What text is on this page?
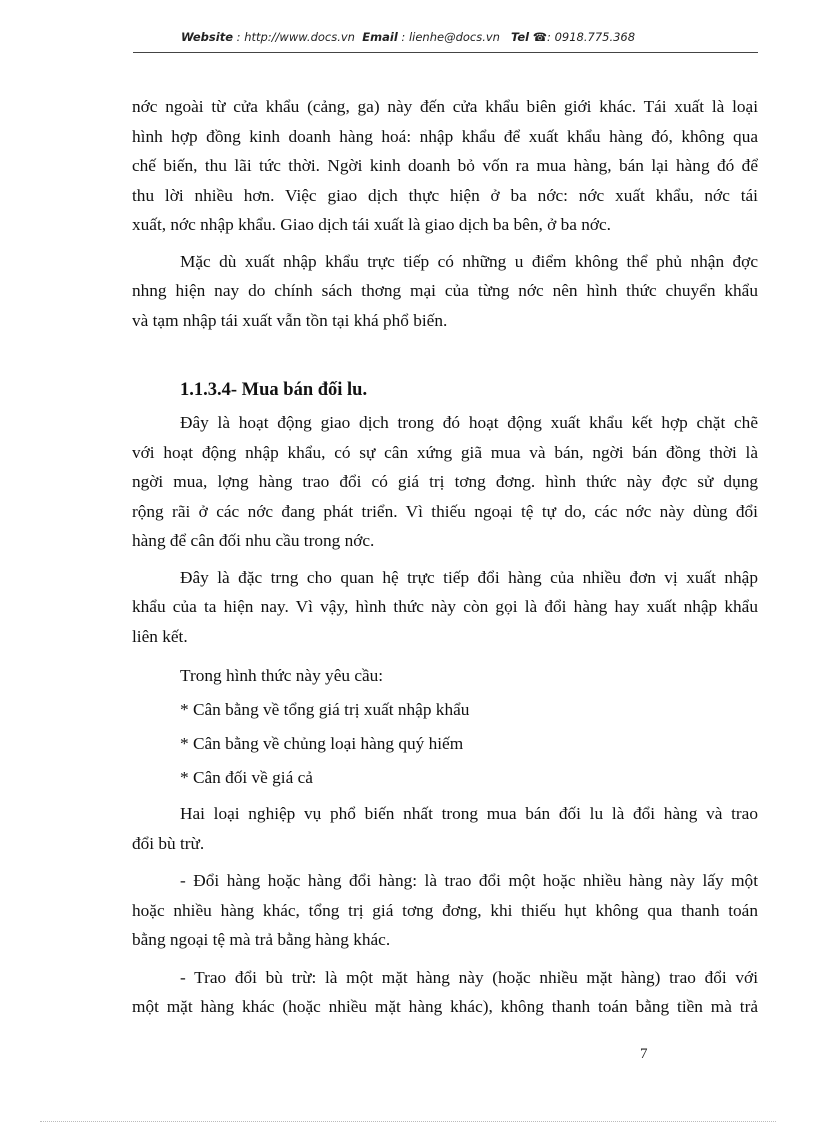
Website : http://www.docs.vn Email : lienhe@docs.vn Tel ☎: 0918.775.368

nớc ngoài từ cửa khẩu (cảng, ga) này đến cửa khẩu biên giới khác. Tái xuất là loại
hình hợp đồng kinh doanh hàng hoá: nhập khẩu để xuất khẩu hàng đó, không qua
chế biến, thu lãi tức thời. Ngời kinh doanh bỏ vốn ra mua hàng, bán lại hàng đó để
thu lời nhiều hơn. Việc giao dịch thực hiện ở ba nớc: nớc xuất khẩu, nớc tái
xuất, nớc nhập khẩu. Giao dịch tái xuất là giao dịch ba bên, ở ba nớc.

Mặc dù xuất nhập khẩu trực tiếp có những u điểm không thể phủ nhận đợc
nhng hiện nay do chính sách thơng mại của từng nớc nên hình thức chuyển khẩu
và tạm nhập tái xuất vẫn tồn tại khá phổ biến.

1.1.3.4- Mua bán đối lu.

Đây là hoạt động giao dịch trong đó hoạt động xuất khẩu kết hợp chặt chẽ
với hoạt động nhập khẩu, có sự cân xứng giã mua và bán, ngời bán đồng thời là
ngời mua, lợng hàng trao đổi có giá trị tơng đơng. hình thức này đợc sử dụng
rộng rãi ở các nớc đang phát triển. Vì thiếu ngoại tệ tự do, các nớc này dùng đổi
hàng để cân đối nhu cầu trong nớc.

Đây là đặc trng cho quan hệ trực tiếp đổi hàng của nhiều đơn vị xuất nhập
khẩu của ta hiện nay. Vì vậy, hình thức này còn gọi là đổi hàng hay xuất nhập khẩu
liên kết.

Trong hình thức này yêu cầu:

* Cân bằng về tổng giá trị xuất nhập khẩu

* Cân bằng về chủng loại hàng quý hiếm

* Cân đối về giá cả

Hai loại nghiệp vụ phổ biến nhất trong mua bán đối lu là đổi hàng và trao
đổi bù trừ.

- Đổi hàng hoặc hàng đổi hàng: là trao đổi một hoặc nhiều hàng này lấy một
hoặc nhiều hàng khác, tổng trị giá tơng đơng, khi thiếu hụt không qua thanh toán
bằng ngoại tệ mà trả bằng hàng khác.

- Trao đổi bù trừ: là một mặt hàng này (hoặc nhiều mặt hàng) trao đổi với
một mặt hàng khác (hoặc nhiều mặt hàng khác), không thanh toán bằng tiền mà trả

7
